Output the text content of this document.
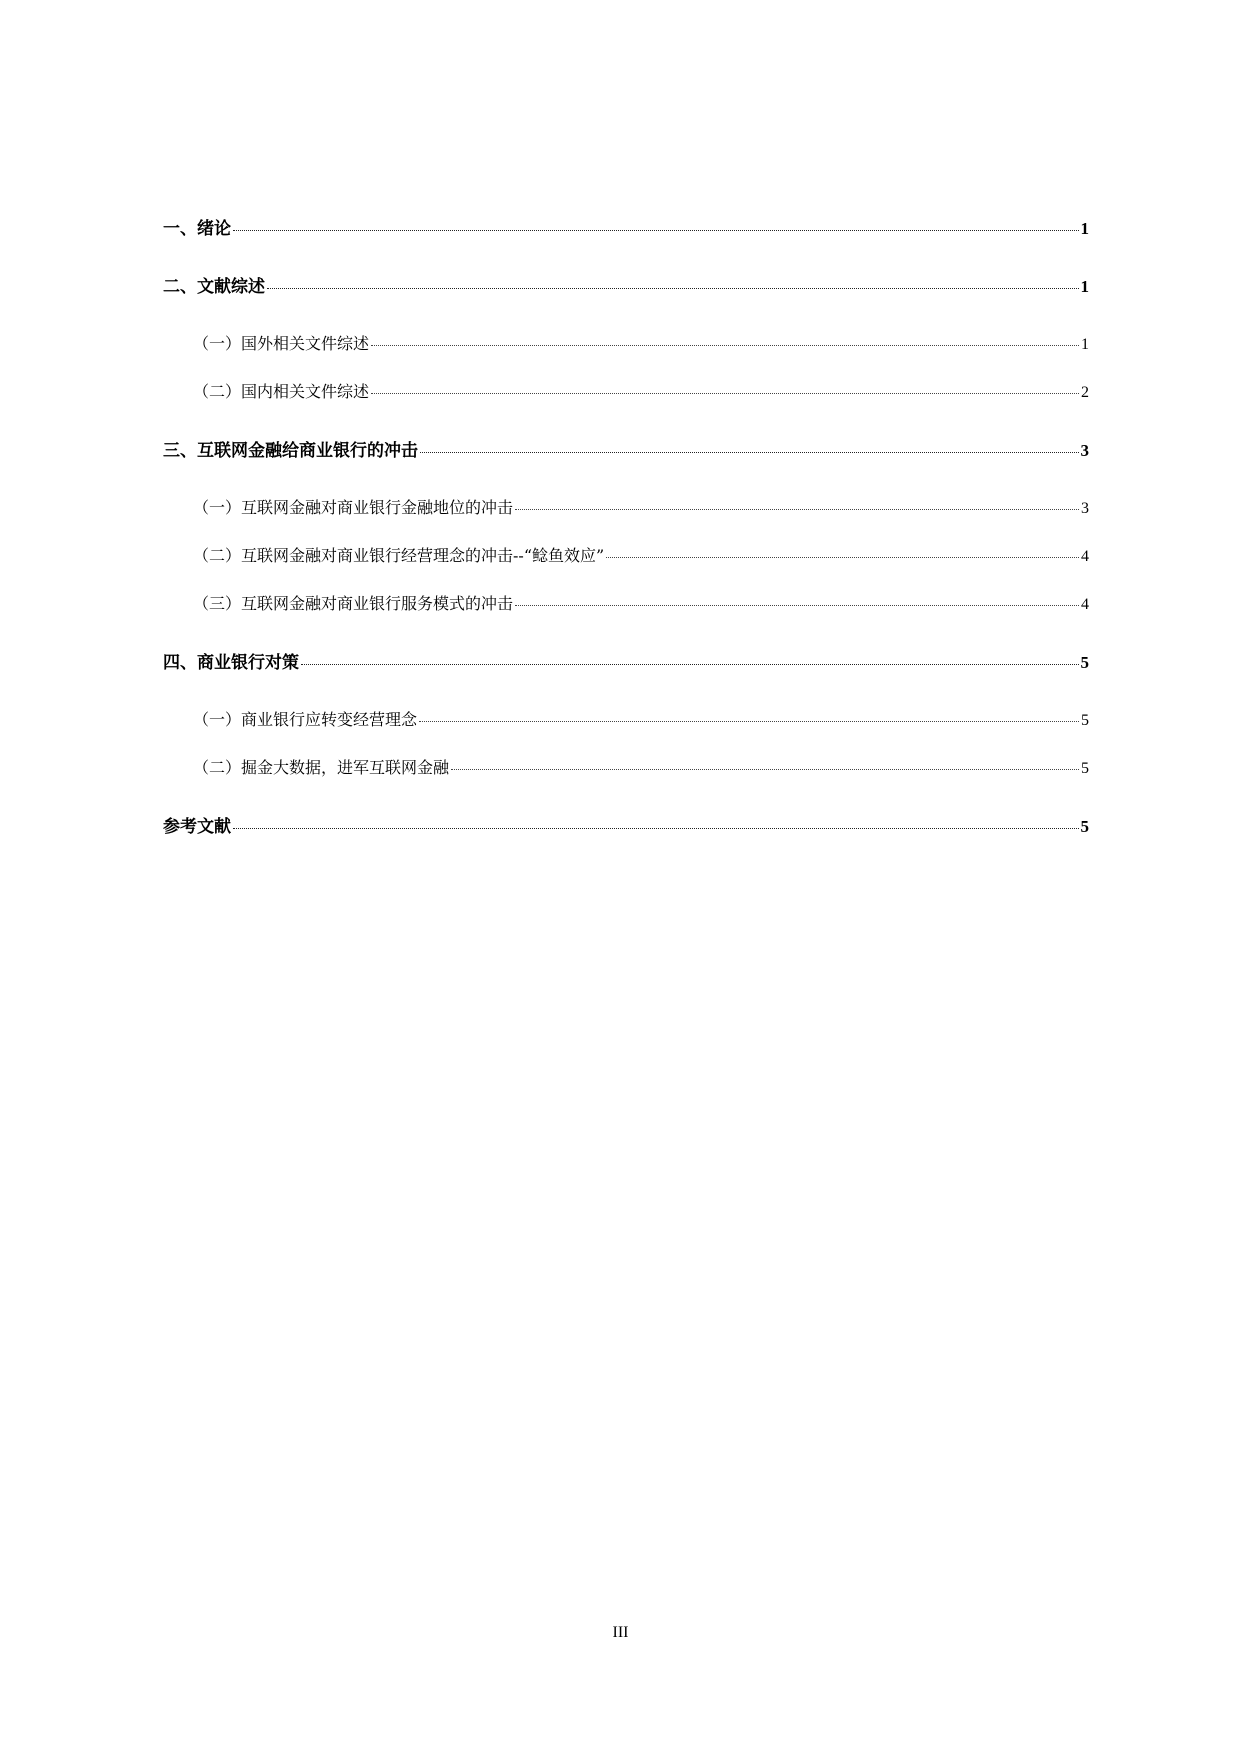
一、绪论	1
二、文献综述	1
（一）国外相关文件综述	1
（二）国内相关文件综述	2
三、互联网金融给商业银行的冲击	3
（一）互联网金融对商业银行金融地位的冲击	3
（二）互联网金融对商业银行经营理念的冲击--“鲶鱼效应”	4
（三）互联网金融对商业银行服务模式的冲击	4
四、商业银行对策	5
（一）商业银行应转变经营理念	5
（二）掘金大数据，进军互联网金融	5
参考文献	5
III
